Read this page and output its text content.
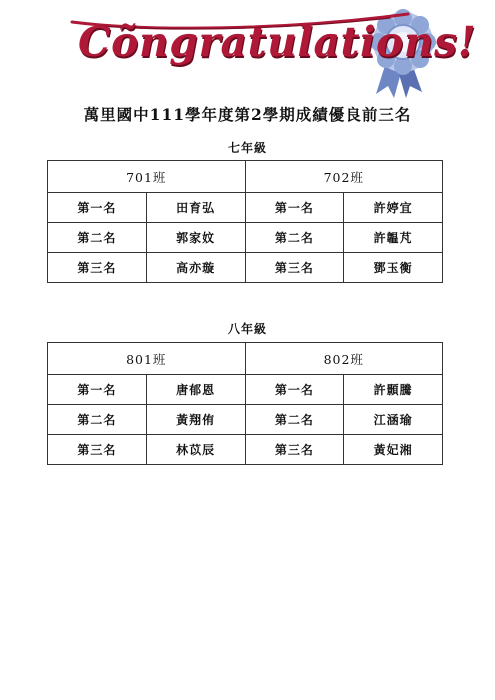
Cõngratulations!
萬里國中111學年度第2學期成績優良前三名
七年級
701班		702班	
第一名	田育弘	第一名	許婷宜
第二名	郭家妏	第二名	許韞芃
第三名	高亦璇	第三名	鄧玉衡
八年級
801班		802班	
第一名	唐郁恩	第一名	許顥騰
第二名	黃翔侑	第二名	江涵瑜
第三名	林苡辰	第三名	黃妃湘
